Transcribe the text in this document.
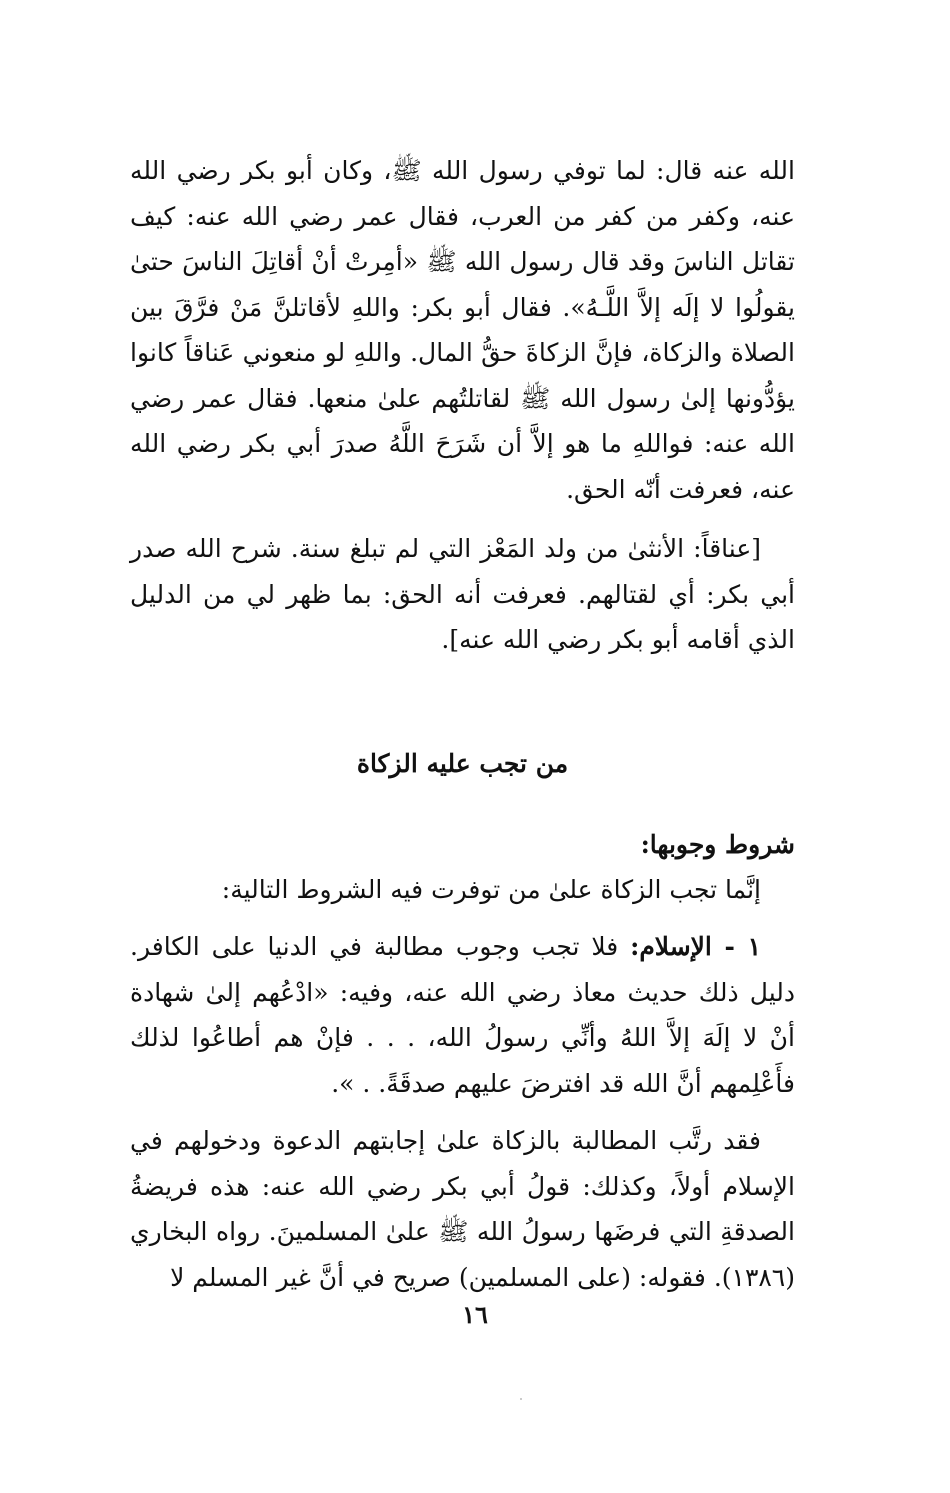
الله عنه قال: لما توفي رسول الله ﷺ، وكان أبو بكر رضي الله عنه، وكفر من كفر من العرب، فقال عمر رضي الله عنه: كيف تقاتل الناسَ وقد قال رسول الله ﷺ «أمِرتْ أنْ أقاتِلَ الناسَ حتىٰ يقولُوا لا إلَه إلاَّ اللَّـهُ». فقال أبو بكر: واللهِ لأقاتلنَّ مَنْ فرَّقَ بين الصلاة والزكاة، فإنَّ الزكاةَ حقُّ المال. واللهِ لو منعوني عَناقاً كانوا يؤدُّونها إلىٰ رسول الله ﷺ لقاتلتُهم علىٰ منعها. فقال عمر رضي الله عنه: فواللهِ ما هو إلاَّ أن شَرَحَ اللَّهُ صدرَ أبي بكر رضي الله عنه، فعرفت أنّه الحق.

[عناقاً: الأنثىٰ من ولد المَعْز التي لم تبلغ سنة. شرح الله صدر أبي بكر: أي لقتالهم. فعرفت أنه الحق: بما ظهر لي من الدليل الذي أقامه أبو بكر رضي الله عنه].

من تجب عليه الزكاة
شروط وجوبها:

إنَّما تجب الزكاة علىٰ من توفرت فيه الشروط التالية:

١ - الإسلام: فلا تجب وجوب مطالبة في الدنيا على الكافر. دليل ذلك حديث معاذ رضي الله عنه، وفيه: «ادْعُهم إلىٰ شهادة أنْ لا إلَهَ إلاَّ اللهُ وأنِّي رسولُ الله، . . . فإنْ هم أطاعُوا لذلك فأَعْلِمهم أنَّ الله قد افترضَ عليهم صدقَةً. . ».

فقد رتَّب المطالبة بالزكاة علىٰ إجابتهم الدعوة ودخولهم في الإسلام أولاً، وكذلك: قولُ أبي بكر رضي الله عنه: هذه فريضةُ الصدقةِ التي فرضَها رسولُ الله ﷺ علىٰ المسلمينَ. رواه البخاري (١٣٨٦). فقوله: (على المسلمين) صريح في أنَّ غير المسلم لا

١٦
